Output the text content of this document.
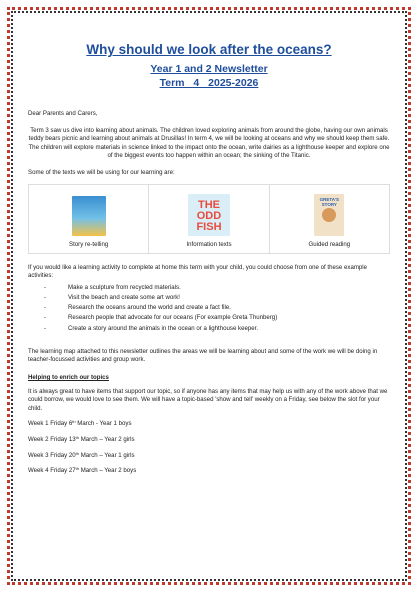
Why should we look after the oceans?
Year 1 and 2 Newsletter
Term 4 2025-2026

Dear Parents and Carers,

Term 3 saw us dive into learning about animals. The children loved exploring animals from around the globe, having our own animals teddy bears picnic and learning about animals at Drusillas! In term 4, we will be looking at oceans and why we should keep them safe. The children will explore materials in science linked to the impact onto the ocean, write dairies as a lighthouse keeper and explore one of the biggest events too happen within an ocean; the sinking of the Titanic.

Some of the texts we will be using for our learning are:

Story re-telling
THE ODD FISH
Information texts
GRETA'S STORY
Guided reading

If you would like a learning activity to complete at home this term with your child, you could choose from one of these example activities:

- Make a sculpture from recycled materials.
- Visit the beach and create some art work!
- Research the oceans around the world and create a fact file.
- Research people that advocate for our oceans (For example Greta Thunberg)
- Create a story around the animals in the ocean or a lighthouse keeper.

The learning map attached to this newsletter outlines the areas we will be learning about and some of the work we will be doing in teacher-focussed activities and group work.

Helping to enrich our topics

It is always great to have items that support our topic, so if anyone has any items that may help us with any of the work above that we could borrow, we would love to see them. We will have a topic-based 'show and tell' weekly on a Friday, see below the slot for your child.

Week 1 Friday 6th March - Year 1 boys

Week 2 Friday 13th March – Year 2 girls

Week 3 Friday 20th March – Year 1 girls

Week 4 Friday 27th March – Year 2 boys
